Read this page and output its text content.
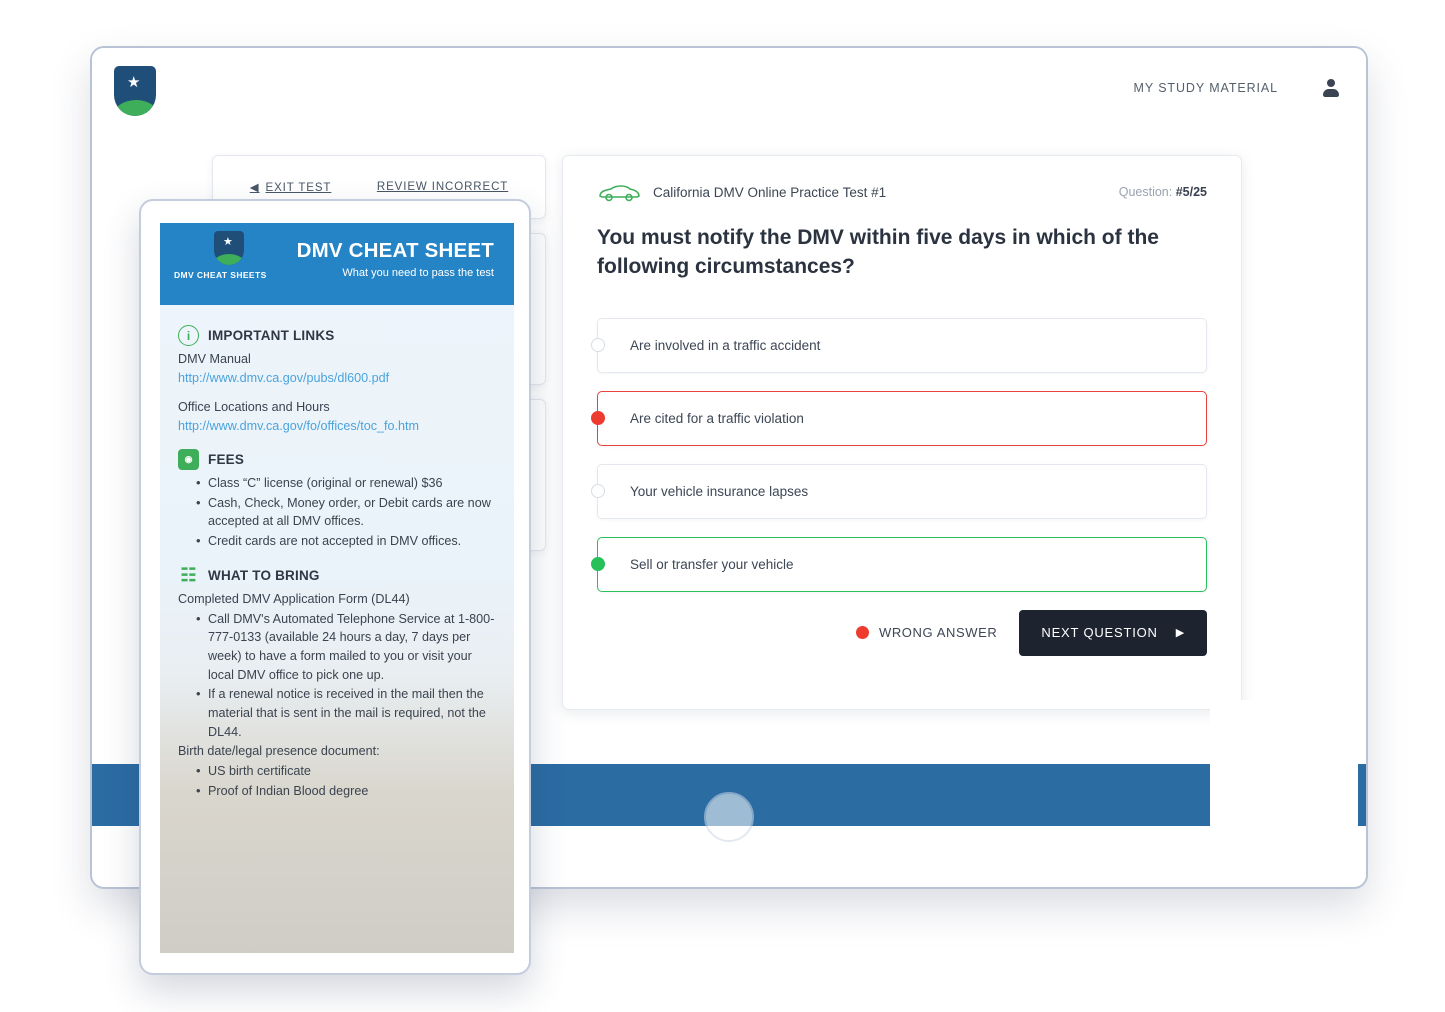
★	MY STUDY MATERIAL
◀ EXIT TEST	REVIEW INCORRECT	California DMV Online Practice Test #1	Question: #5/25
You must notify the DMV within five days in which of the following circumstances?
Are involved in a traffic accident
Are cited for a traffic violation
Your vehicle insurance lapses
Sell or transfer your vehicle
WRONG ANSWER	NEXT QUESTION ▶
★
DMV CHEAT SHEETS
DMV CHEAT SHEET
What you need to pass the test
i	IMPORTANT LINKS

DMV Manual

http://www.dmv.ca.gov/pubs/dl600.pdf

Office Locations and Hours

http://www.dmv.ca.gov/fo/offices/toc_fo.htm
◉	FEES
• Class “C” license (original or renewal) $36
• Cash, Check, Money order, or Debit cards are now accepted at all DMV offices.
• Credit cards are not accepted in DMV offices.
☷ WHAT TO BRING

Completed DMV Application Form (DL44)

• Call DMV's Automated Telephone Service at 1-800-777-0133 (available 24 hours a day, 7 days per week) to have a form mailed to you or visit your local DMV office to pick one up.
• If a renewal notice is received in the mail then the material that is sent in the mail is required, not the DL44.

Birth date/legal presence document:

• US birth certificate
• Proof of Indian Blood degree
